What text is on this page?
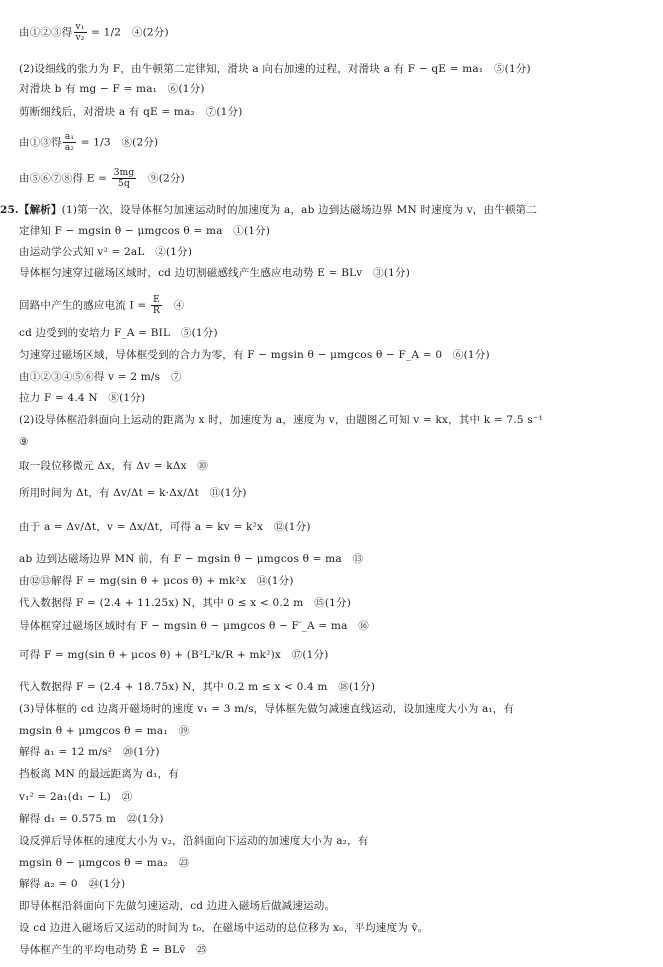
由①②③得 $\frac{\text{v₁}}{\text{v₂}} = 1/2$　④(2分)
(2)设细线的张力为 F，由牛顿第二定律知，滑块 a 向右加速的过程，对滑块 a 有 F − qE = ma₁　⑤(1分)
对滑块 b 有 mg − F = ma₁　⑥(1分)
剪断细线后，对滑块 a 有 qE = ma₂　⑦(1分)
由①③得 $\frac{\text{a₁}}{\text{a₂}} = 1/3$　⑧(2分)
由⑤⑥⑦⑧得 $E = \frac{3mg}{5q}$ 　⑨(2分)
25.【解析】(1)第一次，设导体框匀加速运动时的加速度为 a，ab 边到达磁场边界 MN 时速度为 v，由牛顿第二
定律知 F − mgsin θ − μmgcos θ = ma　①(1分)
由运动学公式知 v² = 2aL　②(1分)
导体框匀速穿过磁场区域时，cd 边切割磁感线产生感应电动势 E = BLv　③(1分)
回路中产生的感应电流 $I = \frac{E}{R}$ 　④
cd 边受到的安培力 F_A = BIL　⑤(1分)
匀速穿过磁场区域，导体框受到的合力为零，有 F − mgsin θ − μmgcos θ − F_A = 0　⑥(1分)
由①②③④⑤⑥得 v = 2 m/s　⑦
拉力 F = 4.4 N　⑧(1分)
(2)设导体框沿斜面向上运动的距离为 x 时，加速度为 a，速度为 v，由题图乙可知 v = kx，其中 k = 7.5 s⁻¹
⑨
取一段位移微元 Δx，有 Δv = kΔx　⑩
所用时间为 Δt，有 Δv/Δt = k·Δx/Δt　⑪(1分)
由于 a = Δv/Δt，v = Δx/Δt，可得 a = kv = k²x　⑫(1分)
ab 边到达磁场边界 MN 前，有 F − mgsin θ − μmgcos θ = ma　⑬
由⑫⑬解得 F = mg(sin θ + μcos θ) + mk²x　⑭(1分)
代入数据得 F = (2.4 + 11.25x) N，其中 0 ≤ x < 0.2 m　⑮(1分)
导体框穿过磁场区域时有 F − mgsin θ − μmgcos θ − F′_A = ma　⑯
可得 F = mg(sin θ + μcos θ) + (B²L²k/R + mk²)x　⑰(1分)
代入数据得 F = (2.4 + 18.75x) N，其中 0.2 m ≤ x < 0.4 m　⑱(1分)
(3)导体框的 cd 边离开磁场时的速度 v₁ = 3 m/s，导体框先做匀减速直线运动，设加速度大小为 a₁，有
mgsin θ + μmgcos θ = ma₁　⑲
解得 a₁ = 12 m/s²　⑳(1分)
挡板离 MN 的最远距离为 d₁，有
v₁² = 2a₁(d₁ − L)　㉑
解得 d₁ = 0.575 m　㉒(1分)
设反弹后导体框的速度大小为 v₂，沿斜面向下运动的加速度大小为 a₂，有
mgsin θ − μmgcos θ = ma₂　㉓
解得 a₂ = 0　㉔(1分)
即导体框沿斜面向下先做匀速运动，cd 边进入磁场后做减速运动。
设 cd 边进入磁场后又运动的时间为 t₀，在磁场中运动的总位移为 x₀，平均速度为 v̄。
导体框产生的平均电动势 Ē = BLv̄　㉕
